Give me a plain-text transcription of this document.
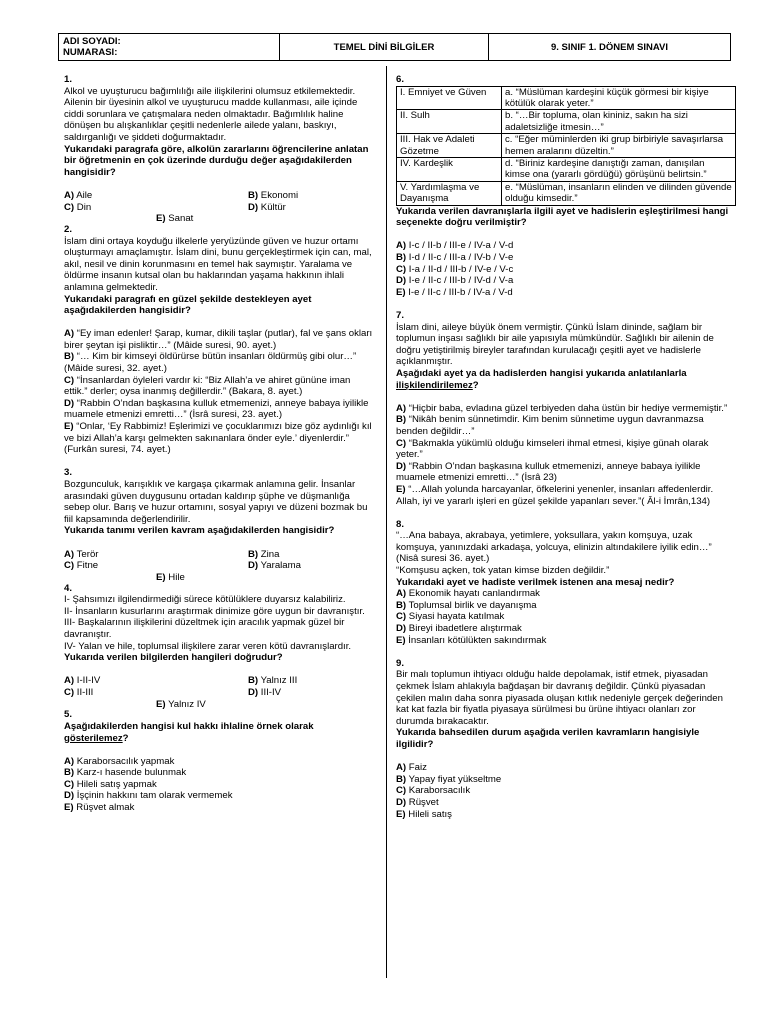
ADI SOYADI:
NUMARASI:	TEMEL DİNİ BİLGİLER	9. SINIF 1. DÖNEM SINAVI

1.

Alkol ve uyuşturucu bağımlılığı aile ilişkilerini olumsuz etkilemektedir. Ailenin bir üyesinin alkol ve uyuşturucu madde kullanması, aile içinde ciddi sorunlara ve çatışmalara neden olmaktadır. Bağımlılık haline dönüşen bu alışkanlıklar çeşitli nedenlerle ailede yalanı, baskıyı, saldırganlığı ve şiddeti doğurmaktadır.

Yukarıdaki paragrafa göre, alkolün zararlarını öğrencilerine anlatan bir öğretmenin en çok üzerinde durduğu değer aşağıdakilerden hangisidir?

A) Aile	B) Ekonomi
C) Din	D) Kültür
E) Sanat

2.

İslam dini ortaya koyduğu ilkelerle yeryüzünde güven ve huzur ortamı oluşturmayı amaçlamıştır. İslam dini, bunu gerçekleştirmek için can, mal, akıl, nesil ve dinin korunmasını en temel hak saymıştır. Yaralama ve öldürme insanın kutsal olan bu haklarından yaşama hakkının ihlali anlamına gelmektedir.

Yukarıdaki paragrafı en güzel şekilde destekleyen ayet aşağıdakilerden hangisidir?

A) “Ey iman edenler! Şarap, kumar, dikili taşlar (putlar), fal ve şans okları birer şeytan işi pisliktir…” (Mâide suresi, 90. ayet.)

B) “… Kim bir kimseyi öldürürse bütün insanları öldürmüş gibi olur…” (Mâide suresi, 32. ayet.)

C) “İnsanlardan öyleleri vardır ki: “Biz Allah’a ve ahiret gününe iman ettik.” derler; oysa inanmış değillerdir.” (Bakara, 8. ayet.)

D) “Rabbin O’ndan başkasına kulluk etmemenizi, anneye babaya iyilikle muamele etmenizi emretti…” (İsrâ suresi, 23. ayet.)

E) “Onlar, ‘Ey Rabbimiz! Eşlerimizi ve çocuklarımızı bize göz aydınlığı kıl ve bizi Allah’a karşı gelmekten sakınanlara önder eyle.’ diyenlerdir.” (Furkân suresi, 74. ayet.)

3.

Bozgunculuk, karışıklık ve kargaşa çıkarmak anlamına gelir. İnsanlar arasındaki güven duygusunu ortadan kaldırıp şüphe ve düşmanlığa sebep olur. Barış ve huzur ortamını, sosyal yapıyı ve düzeni bozmak bu fiil kapsamında değerlendirilir.

Yukarıda tanımı verilen kavram aşağıdakilerden hangisidir?

A) Terör	B) Zina
C) Fitne	D) Yaralama
E) Hile

4.

I- Şahsımızı ilgilendirmediği sürece kötülüklere duyarsız kalabiliriz.

II- İnsanların kusurlarını araştırmak dinimize göre uygun bir davranıştır.

III- Başkalarının ilişkilerini düzeltmek için aracılık yapmak güzel bir davranıştır.

IV- Yalan ve hile, toplumsal ilişkilere zarar veren kötü davranışlardır.

Yukarıda verilen bilgilerden hangileri doğrudur?

A) I-II-IV	B) Yalnız III
C) II-III	D) III-IV
E) Yalnız IV

5.

Aşağıdakilerden hangisi kul hakkı ihlaline örnek olarak gösterilemez?

A) Karaborsacılık yapmak

B) Karz-ı hasende bulunmak

C) Hileli satış yapmak

D) İşçinin hakkını tam olarak vermemek

E) Rüşvet almak

6.

I. Emniyet ve Güven	a. “Müslüman kardeşini küçük görmesi bir kişiye kötülük olarak yeter.”
II. Sulh	b. “…Bir topluma, olan kininiz, sakın ha sizi adaletsizliğe itmesin…”
III. Hak ve Adaleti Gözetme	c. “Eğer müminlerden iki grup birbiriyle savaşırlarsa hemen aralarını düzeltin.”
IV. Kardeşlik	d. “Biriniz kardeşine danıştığı zaman, danışılan kimse ona (yararlı gördüğü) görüşünü belirtsin.”
V. Yardımlaşma ve Dayanışma	e. “Müslüman, insanların elinden ve dilinden güvende olduğu kimsedir.”

Yukarıda verilen davranışlarla ilgili ayet ve hadislerin eşleştirilmesi hangi seçenekte doğru verilmiştir?

A) I-c / II-b / III-e / IV-a / V-d

B) I-d / II-c / III-a / IV-b / V-e

C) I-a / II-d / III-b / IV-e / V-c

D) I-e / II-c / III-b / IV-d / V-a

E) I-e / II-c / III-b / IV-a / V-d

7.

İslam dini, aileye büyük önem vermiştir. Çünkü İslam dininde, sağlam bir toplumun inşası sağlıklı bir aile yapısıyla mümkündür. Sağlıklı bir ailenin de doğru yetiştirilmiş bireyler tarafından kurulacağı çeşitli ayet ve hadislerle açıklanmıştır.

Aşağıdaki ayet ya da hadislerden hangisi yukarıda anlatılanlarla ilişkilendirilemez?

A) “Hiçbir baba, evladına güzel terbiyeden daha üstün bir hediye vermemiştir.”

B) “Nikâh benim sünnetimdir. Kim benim sünnetime uygun davranmazsa benden değildir…”

C) “Bakmakla yükümlü olduğu kimseleri ihmal etmesi, kişiye günah olarak yeter.”

D) “Rabbin O’ndan başkasına kulluk etmemenizi, anneye babaya iyilikle muamele etmenizi emretti…” (İsrâ 23)

E) “…Allah yolunda harcayanlar, öfkelerini yenenler, insanları affedenlerdir. Allah, iyi ve yararlı işleri en güzel şekilde yapanları sever.”( Âl-i İmrân,134)

8.

“…Ana babaya, akrabaya, yetimlere, yoksullara, yakın komşuya, uzak komşuya, yanınızdaki arkadaşa, yolcuya, elinizin altındakilere iyilik edin…” (Nisâ suresi 36. ayet.)

“Komşusu açken, tok yatan kimse bizden değildir.”

Yukarıdaki ayet ve hadiste verilmek istenen ana mesaj nedir?

A) Ekonomik hayatı canlandırmak

B) Toplumsal birlik ve dayanışma

C) Siyasi hayata katılmak

D) Bireyi ibadetlere alıştırmak

E) İnsanları kötülükten sakındırmak

9.

Bir malı toplumun ihtiyacı olduğu halde depolamak, istif etmek, piyasadan çekmek İslam ahlakıyla bağdaşan bir davranış değildir. Çünkü piyasadan çekilen malın daha sonra piyasada oluşan kıtlık nedeniyle gerçek değerinden kat kat fazla bir fiyatla piyasaya sürülmesi bu ürüne ihtiyacı olanları zor durumda bırakacaktır.

Yukarıda bahsedilen durum aşağıda verilen kavramların hangisiyle ilgilidir?

A) Faiz

B) Yapay fiyat yükseltme

C) Karaborsacılık

D) Rüşvet

E) Hileli satış
